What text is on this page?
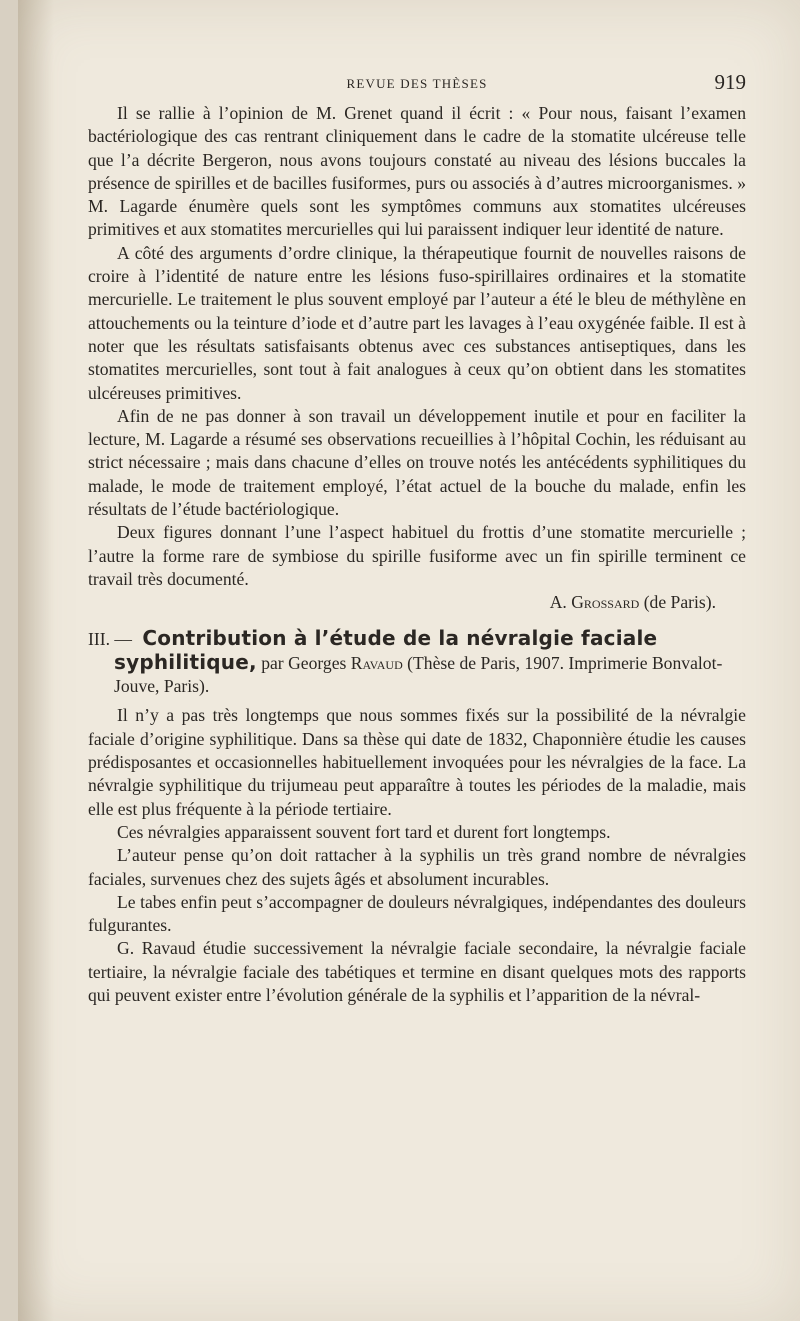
REVUE DES THÈSES	919

Il se rallie à l’opinion de M. Grenet quand il écrit : « Pour nous, faisant l’examen bactériologique des cas rentrant cliniquement dans le cadre de la stomatite ulcéreuse telle que l’a décrite Bergeron, nous avons toujours constaté au niveau des lésions buccales la présence de spirilles et de bacilles fusiformes, purs ou associés à d’autres microorganismes. » M. Lagarde énumère quels sont les symptômes communs aux stomatites ulcéreuses primitives et aux stomatites mercurielles qui lui paraissent indiquer leur identité de nature.

A côté des arguments d’ordre clinique, la thérapeutique fournit de nouvelles raisons de croire à l’identité de nature entre les lésions fuso-spirillaires ordinaires et la stomatite mercurielle. Le traitement le plus souvent employé par l’auteur a été le bleu de méthylène en attouchements ou la teinture d’iode et d’autre part les lavages à l’eau oxygénée faible. Il est à noter que les résultats satisfaisants obtenus avec ces substances antiseptiques, dans les stomatites mercurielles, sont tout à fait analogues à ceux qu’on obtient dans les stomatites ulcéreuses primitives.

Afin de ne pas donner à son travail un développement inutile et pour en faciliter la lecture, M. Lagarde a résumé ses observations recueillies à l’hôpital Cochin, les réduisant au strict nécessaire ; mais dans chacune d’elles on trouve notés les antécédents syphilitiques du malade, le mode de traitement employé, l’état actuel de la bouche du malade, enfin les résultats de l’étude bactériologique.

Deux figures donnant l’une l’aspect habituel du frottis d’une stomatite mercurielle ; l’autre la forme rare de symbiose du spirille fusiforme avec un fin spirille terminent ce travail très documenté.

A. Grossard (de Paris).

III. — Contribution à l’étude de la névralgie faciale syphilitique, par Georges Ravaud (Thèse de Paris, 1907. Imprimerie Bonvalot-Jouve, Paris).

Il n’y a pas très longtemps que nous sommes fixés sur la possibilité de la névralgie faciale d’origine syphilitique. Dans sa thèse qui date de 1832, Chaponnière étudie les causes prédisposantes et occasionnelles habituellement invoquées pour les névralgies de la face. La névralgie syphilitique du trijumeau peut apparaître à toutes les périodes de la maladie, mais elle est plus fréquente à la période tertiaire.

Ces névralgies apparaissent souvent fort tard et durent fort longtemps.

L’auteur pense qu’on doit rattacher à la syphilis un très grand nombre de névralgies faciales, survenues chez des sujets âgés et absolument incurables.

Le tabes enfin peut s’accompagner de douleurs névralgiques, indépendantes des douleurs fulgurantes.

G. Ravaud étudie successivement la névralgie faciale secondaire, la névralgie faciale tertiaire, la névralgie faciale des tabétiques et termine en disant quelques mots des rapports qui peuvent exister entre l’évolution générale de la syphilis et l’apparition de la névral-
